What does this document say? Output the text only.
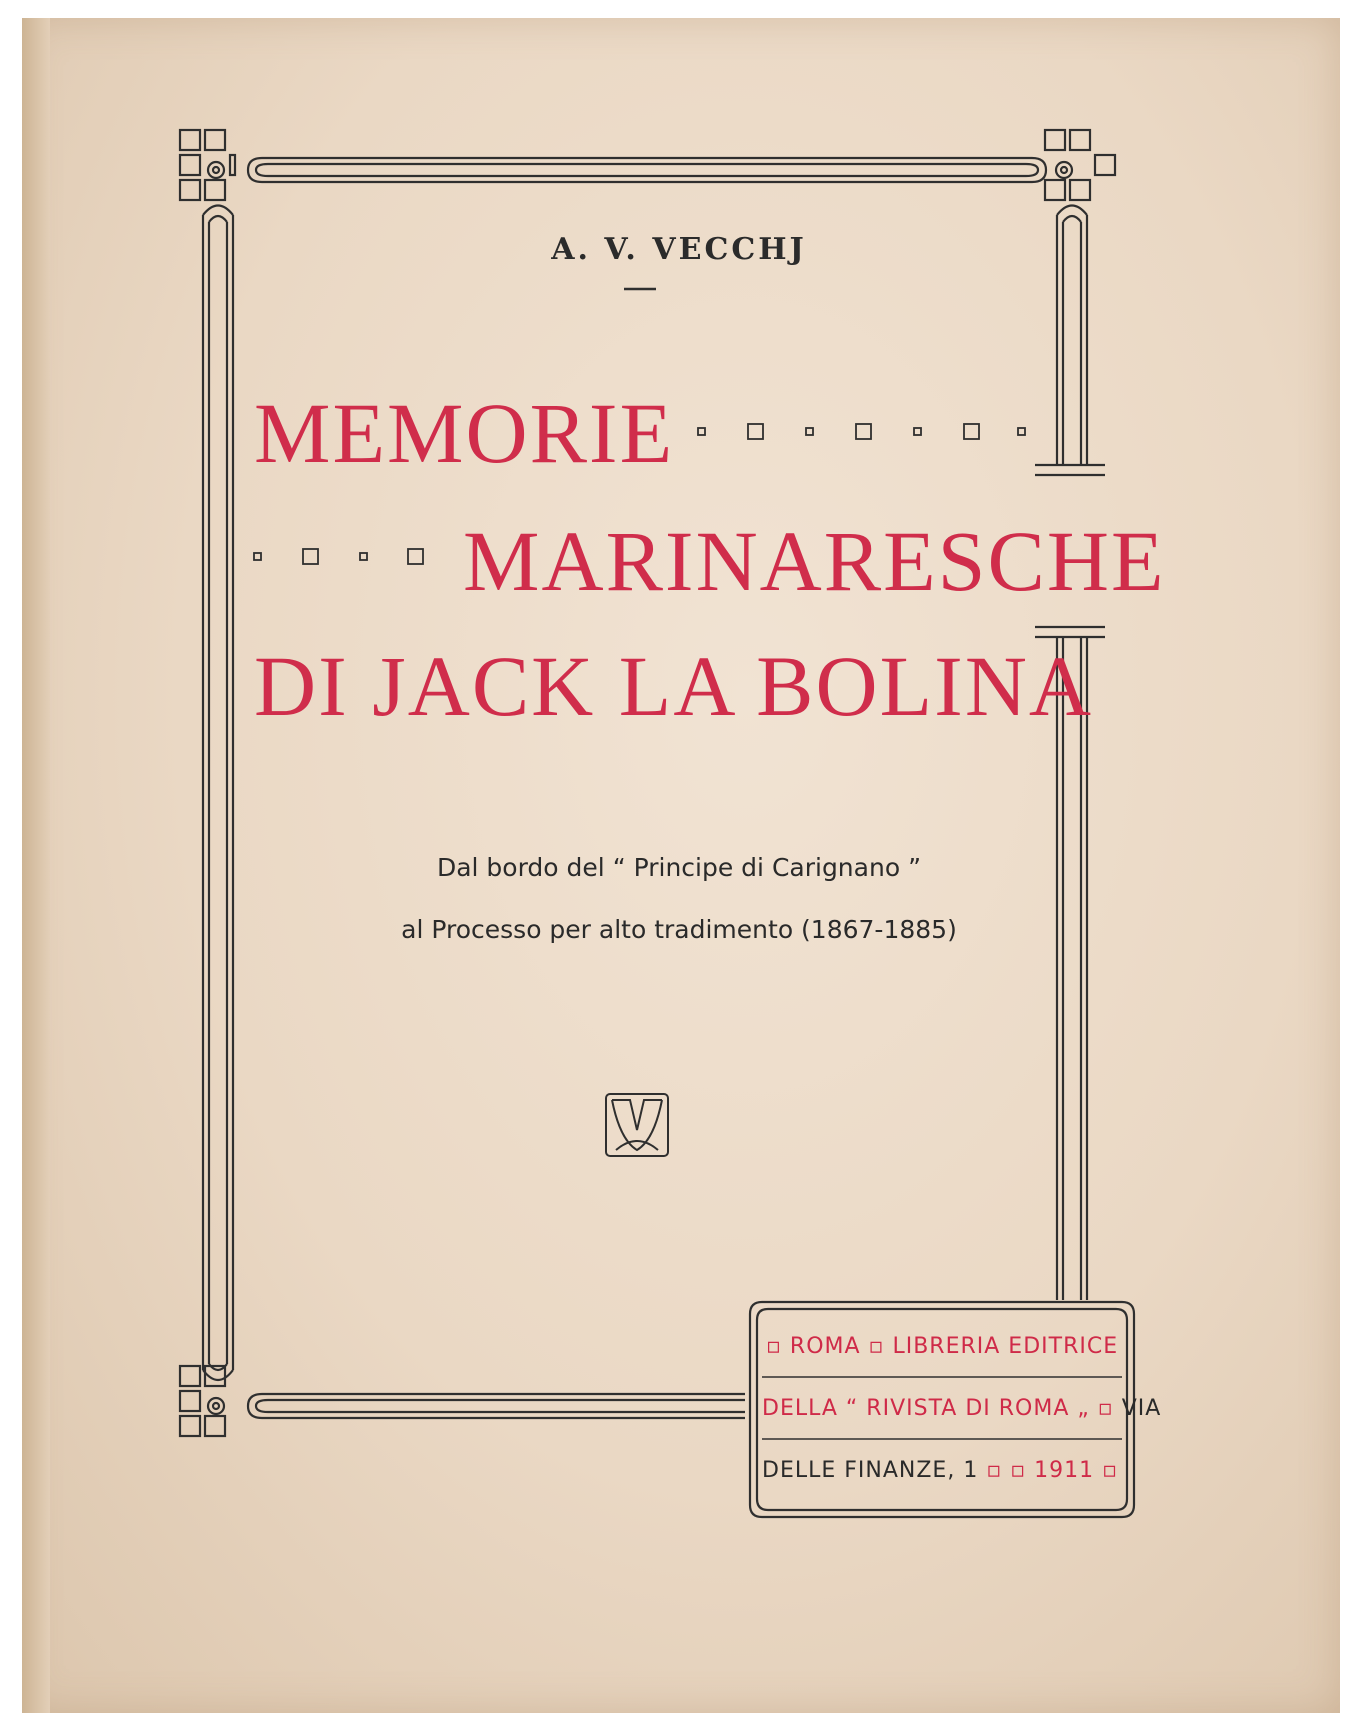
A. V. VECCHJ

MEMORIE

MARINARESCHE

DI JACK LA BOLINA

Dal bordo del “ Principe di Carignano ”

al Processo per alto tradimento (1867-1885)

▫ ROMA ▫ LIBRERIA EDITRICE
DELLA “ RIVISTA DI ROMA „ ▫ VIA
DELLE FINANZE, 1 ▫ ▫ 1911 ▫
